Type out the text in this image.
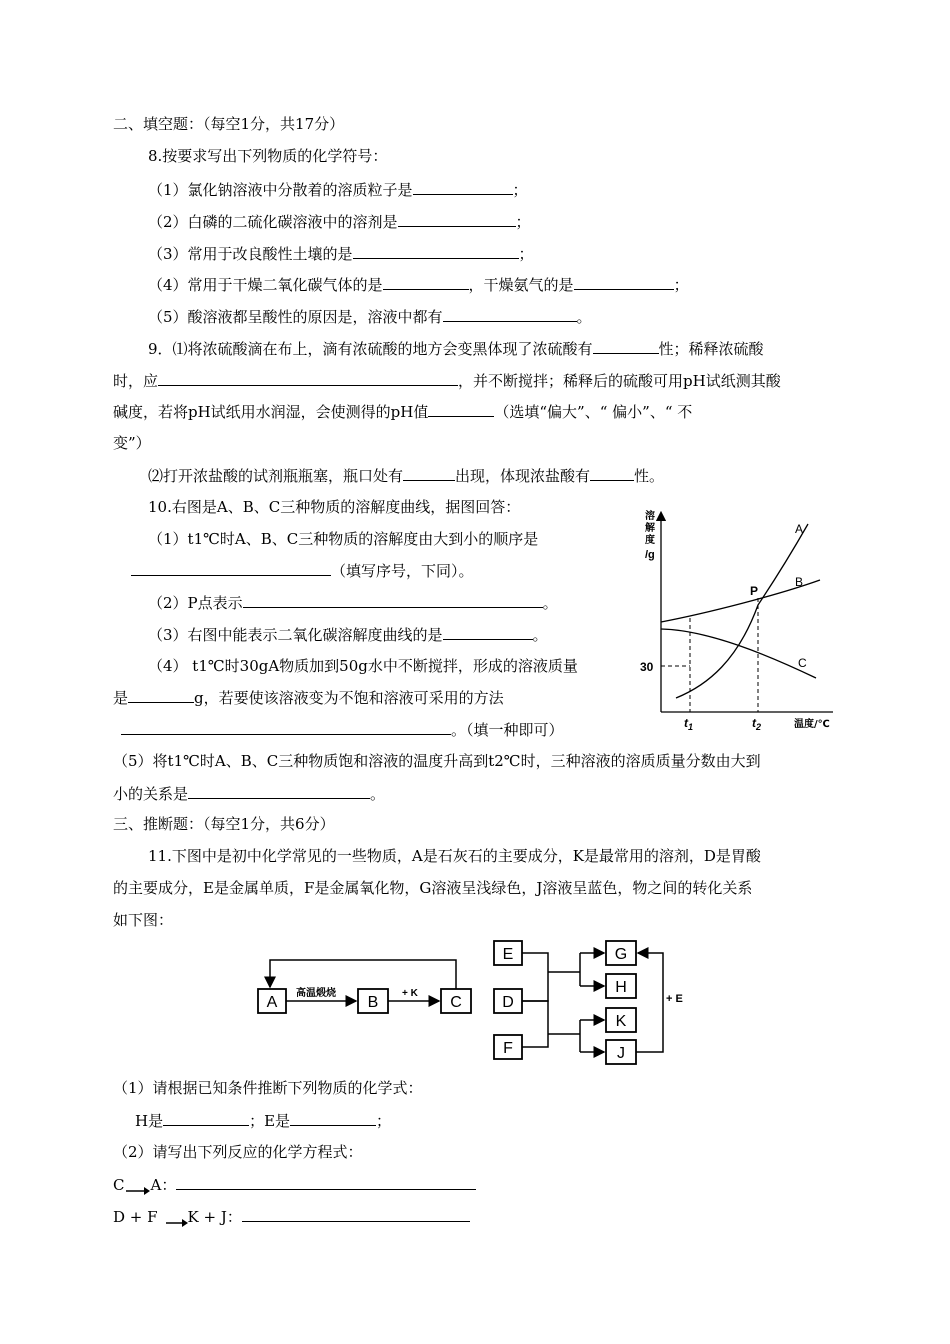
二、填空题：（每空1分，共17分）
8.按要求写出下列物质的化学符号：
（1）氯化钠溶液中分散着的溶质粒子是	；
（2）白磷的二硫化碳溶液中的溶剂是	；
（3）常用于改良酸性土壤的是	；
（4）常用于干燥二氧化碳气体的是	，干燥氨气的是	；
（5）酸溶液都呈酸性的原因是，溶液中都有	。
9．⑴将浓硫酸滴在布上，滴有浓硫酸的地方会变黑体现了浓硫酸有	性；稀释浓硫酸
时，应	，并不断搅拌；稀释后的硫酸可用pH试纸测其酸
碱度，若将pH试纸用水润湿，会使测得的pH值	（选填“偏大”、“ 偏小”、“ 不
变”）
⑵打开浓盐酸的试剂瓶瓶塞，瓶口处有	出现，体现浓盐酸有	性。
10.右图是A、B、C三种物质的溶解度曲线，据图回答：
（1）t1℃时A、B、C三种物质的溶解度由大到小的顺序是
（填写序号，下同）。
（2）P点表示	。
（3）右图中能表示二氧化碳溶解度曲线的是	。
（4） t1℃时30gA物质加到50g水中不断搅拌，形成的溶液质量
是	g，若要使该溶液变为不饱和溶液可采用的方法
。（填一种即可）
（5）将t1℃时A、B、C三种物质饱和溶液的温度升高到t2℃时，三种溶液的溶质质量分数由大到
小的关系是	。
溶
解
度
/g
A
B
C
P
30
$t_1$	$t_2$	温度/℃
三、推断题：（每空1分，共6分）
11.下图中是初中化学常见的一些物质，A是石灰石的主要成分，K是最常用的溶剂，D是胃酸
的主要成分，E是金属单质，F是金属氧化物，G溶液呈浅绿色，J溶液呈蓝色，物之间的转化关系
如下图：
A	B	C
E
D
F
G
H
K
J
高温煅烧	+ K	+ E
（1）请根据已知条件推断下列物质的化学式：
H是	；E是	；
（2）请写出下列反应的化学方程式：
C A：
D + F K + J：
